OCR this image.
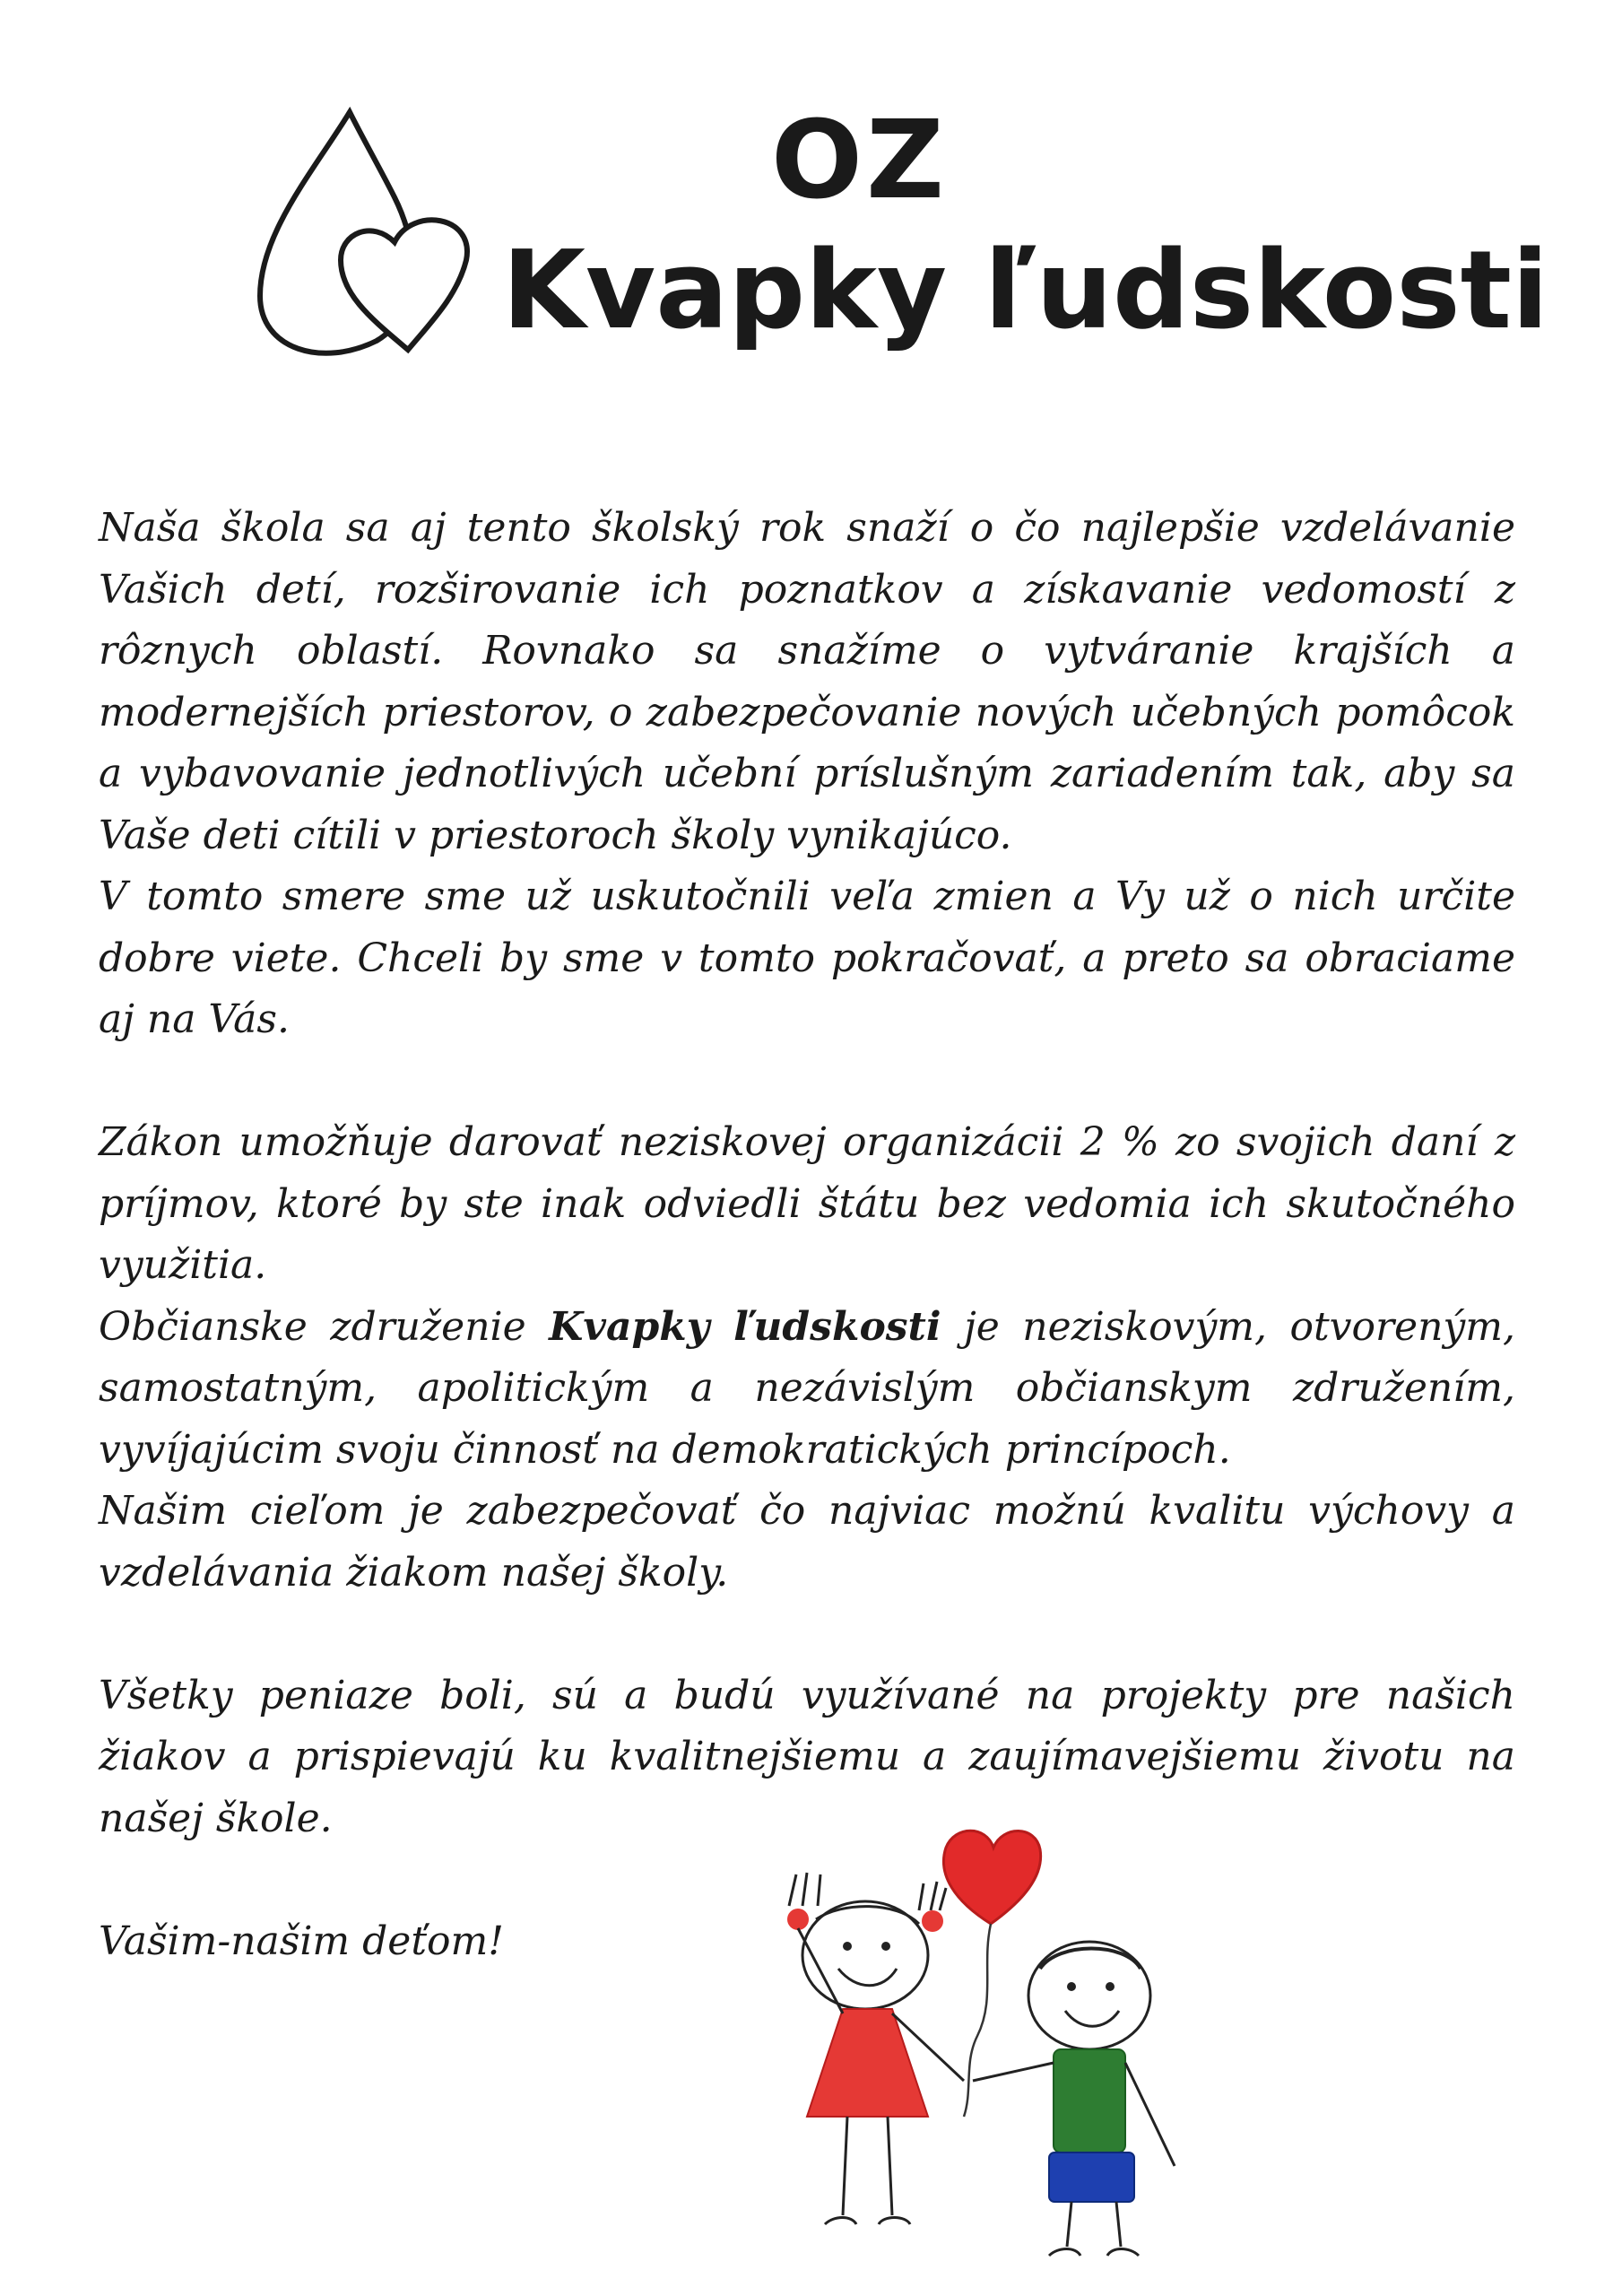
OZ
Kvapky ľudskosti

Naša škola sa aj tento školský rok snaží o čo najlepšie vzdelávanie Vašich detí, rozširovanie ich poznatkov a získavanie vedomostí z rôznych oblastí. Rovnako sa snažíme o vytváranie krajších a modernejších priestorov, o zabezpečovanie nových učebných pomôcok a vybavovanie jednotlivých učební príslušným zariadením tak, aby sa Vaše deti cítili v priestoroch školy vynikajúco.

V tomto smere sme už uskutočnili veľa zmien a Vy už o nich určite dobre viete. Chceli by sme v tomto pokračovať, a preto sa obraciame aj na Vás.

Zákon umožňuje darovať neziskovej organizácii 2 % zo svojich daní z príjmov, ktoré by ste inak odviedli štátu bez vedomia ich skutočného využitia.

Občianske združenie Kvapky ľudskosti je neziskovým, otvoreným, samostatným, apolitickým a nezávislým občianskym združením, vyvíjajúcim svoju činnosť na demokratických princípoch.

Našim cieľom je zabezpečovať čo najviac možnú kvalitu výchovy a vzdelávania žiakom našej školy.

Všetky peniaze boli, sú a budú využívané na projekty pre našich žiakov a prispievajú ku kvalitnejšiemu a zaujímavejšiemu životu na našej škole.

Vašim-našim deťom!
